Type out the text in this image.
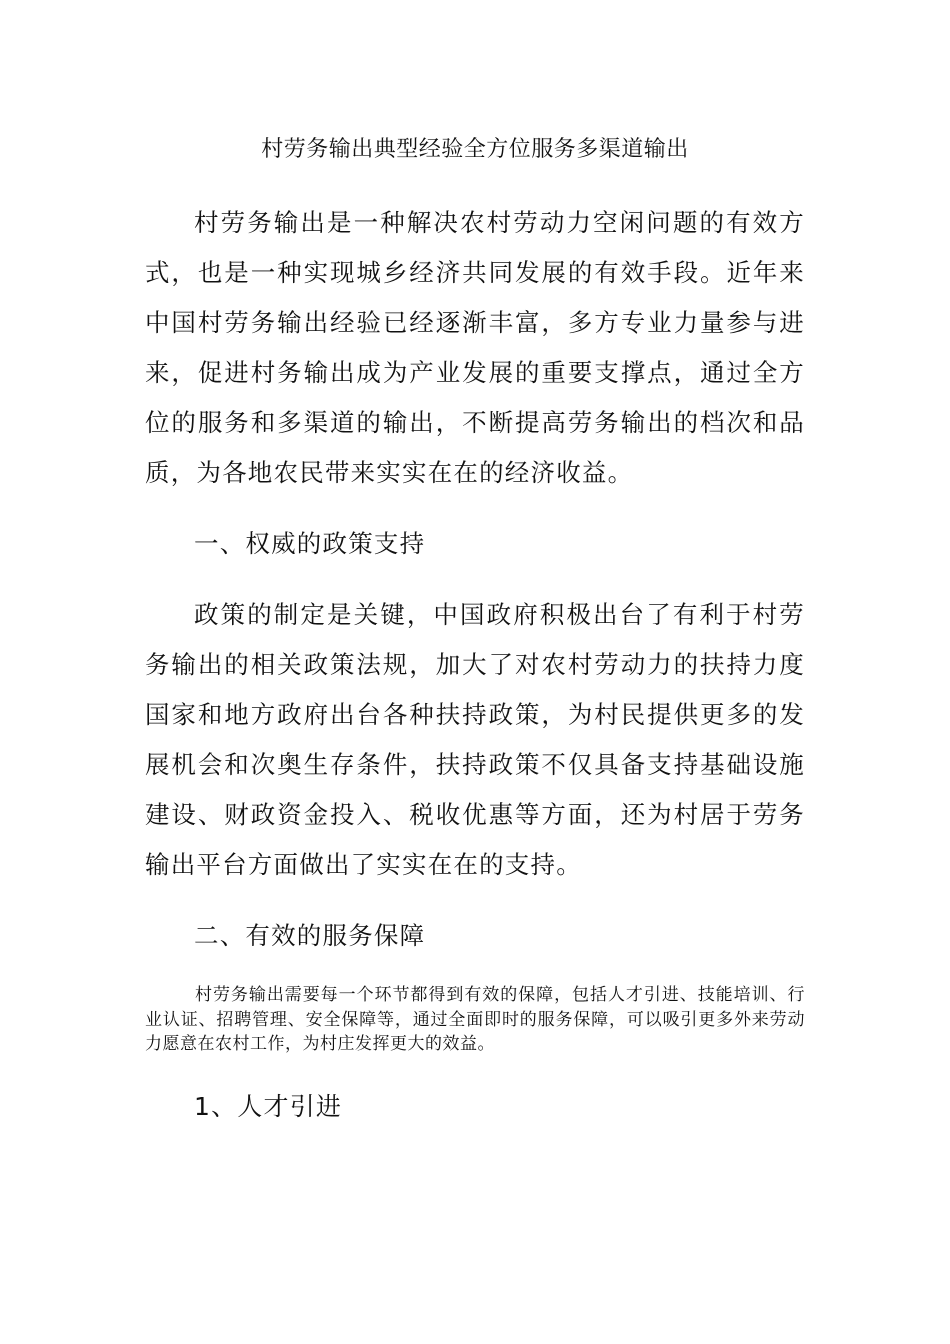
村劳务输出典型经验全方位服务多渠道输出

村劳务输出是一种解决农村劳动力空闲问题的有效方式，也是一种实现城乡经济共同发展的有效手段。近年来中国村劳务输出经验已经逐渐丰富，多方专业力量参与进来，促进村务输出成为产业发展的重要支撑点，通过全方位的服务和多渠道的输出，不断提高劳务输出的档次和品质，为各地农民带来实实在在的经济收益。

一、权威的政策支持

政策的制定是关键，中国政府积极出台了有利于村劳务输出的相关政策法规，加大了对农村劳动力的扶持力度国家和地方政府出台各种扶持政策，为村民提供更多的发展机会和次奥生存条件，扶持政策不仅具备支持基础设施建设、财政资金投入、税收优惠等方面，还为村居于劳务输出平台方面做出了实实在在的支持。

二、有效的服务保障

村劳务输出需要每一个环节都得到有效的保障，包括人才引进、技能培训、行业认证、招聘管理、安全保障等，通过全面即时的服务保障，可以吸引更多外来劳动力愿意在农村工作，为村庄发挥更大的效益。

1、人才引进
